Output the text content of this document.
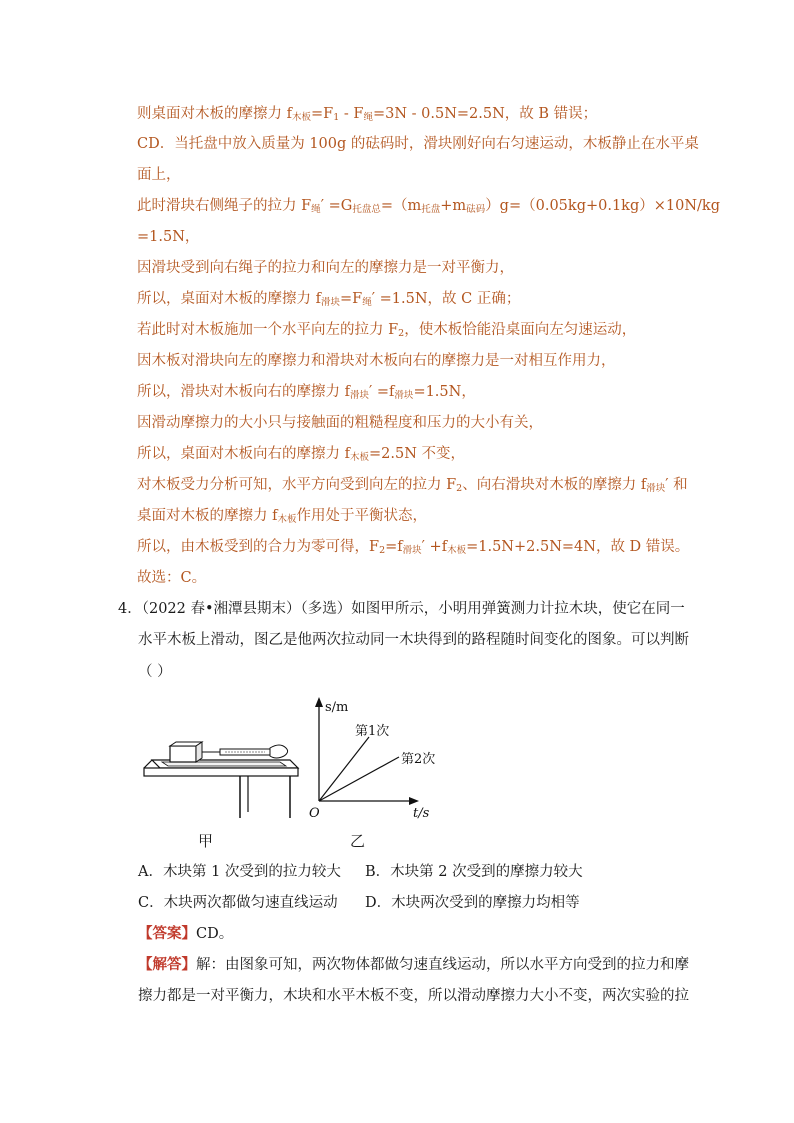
则桌面对木板的摩擦力 $f_{木板}=F_1 - F_绳=3N - 0.5N=2.5N$，故 B 错误；
CD．当托盘中放入质量为 100g 的砝码时，滑块刚好向右匀速运动，木板静止在水平桌
面上，
此时滑块右侧绳子的拉力 $F_绳' =G_{托盘总}=(m_{托盘}+m_{砝码})g=(0.05kg+0.1kg)\times 10N/kg$
=1.5N，
因滑块受到向右绳子的拉力和向左的摩擦力是一对平衡力，
所以，桌面对木板的摩擦力 $f_{滑块}=F_绳' =1.5N$，故 C 正确；
若此时对木板施加一个水平向左的拉力 $F_2$，使木板恰能沿桌面向左匀速运动，
因木板对滑块向左的摩擦力和滑块对木板向右的摩擦力是一对相互作用力，
所以，滑块对木板向右的摩擦力 $f_{滑块}' =f_{滑块}=1.5N$，
因滑动摩擦力的大小只与接触面的粗糙程度和压力的大小有关，
所以，桌面对木板向右的摩擦力 $f_{木板}=2.5N$ 不变，
对木板受力分析可知，水平方向受到向左的拉力 $F_2$、向右滑块对木板的摩擦力 $f_{滑块}'$ 和
桌面对木板的摩擦力 $f_{木板}$作用处于平衡状态，
所以，由木板受到的合力为零可得，$F_2=f_{滑块}' +f_{木板}=1.5N+2.5N=4N$，故 D 错误。
故选：C。
4．（2022 春•湘潭县期末）（多选）如图甲所示，小明用弹簧测力计拉木块，使它在同一
水平木板上滑动，图乙是他两次拉动同一木块得到的路程随时间变化的图象。可以判断
（ ）
甲
s/m
t/s
O
第1次
第2次
乙
A．木块第 1 次受到的拉力较大 B．木块第 2 次受到的摩擦力较大
C．木块两次都做匀速直线运动 D．木块两次受到的摩擦力均相等
【答案】CD。
【解答】解：由图象可知，两次物体都做匀速直线运动，所以水平方向受到的拉力和摩
擦力都是一对平衡力，木块和水平木板不变，所以滑动摩擦力大小不变，两次实验的拉
